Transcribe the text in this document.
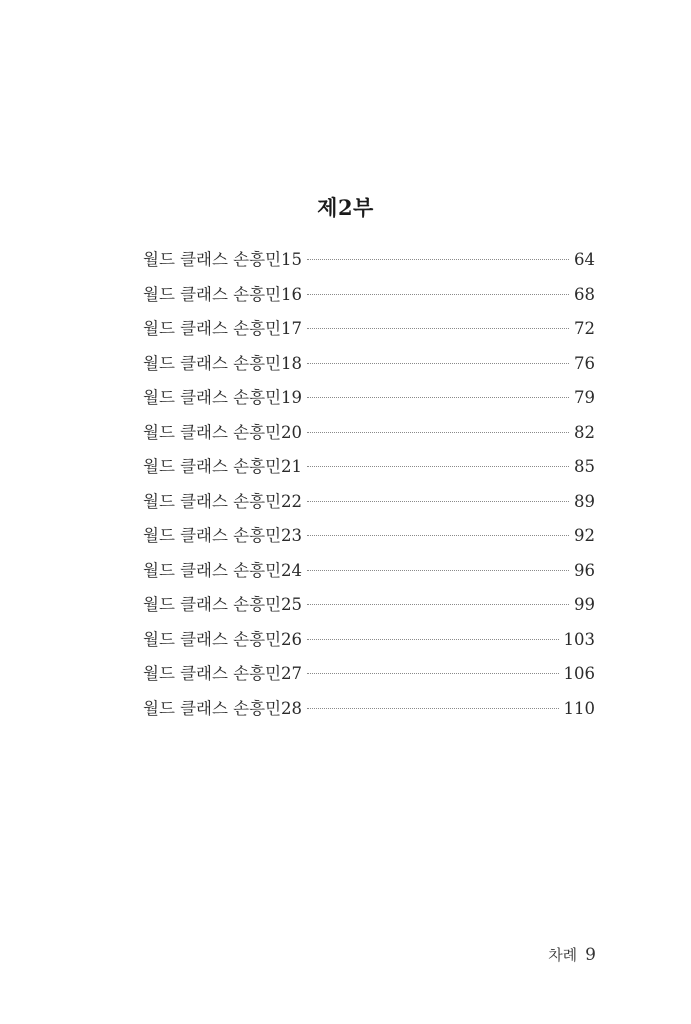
제2부
월드 클래스 손흥민15	64
월드 클래스 손흥민16	68
월드 클래스 손흥민17	72
월드 클래스 손흥민18	76
월드 클래스 손흥민19	79
월드 클래스 손흥민20	82
월드 클래스 손흥민21	85
월드 클래스 손흥민22	89
월드 클래스 손흥민23	92
월드 클래스 손흥민24	96
월드 클래스 손흥민25	99
월드 클래스 손흥민26	103
월드 클래스 손흥민27	106
월드 클래스 손흥민28	110
차례 9
